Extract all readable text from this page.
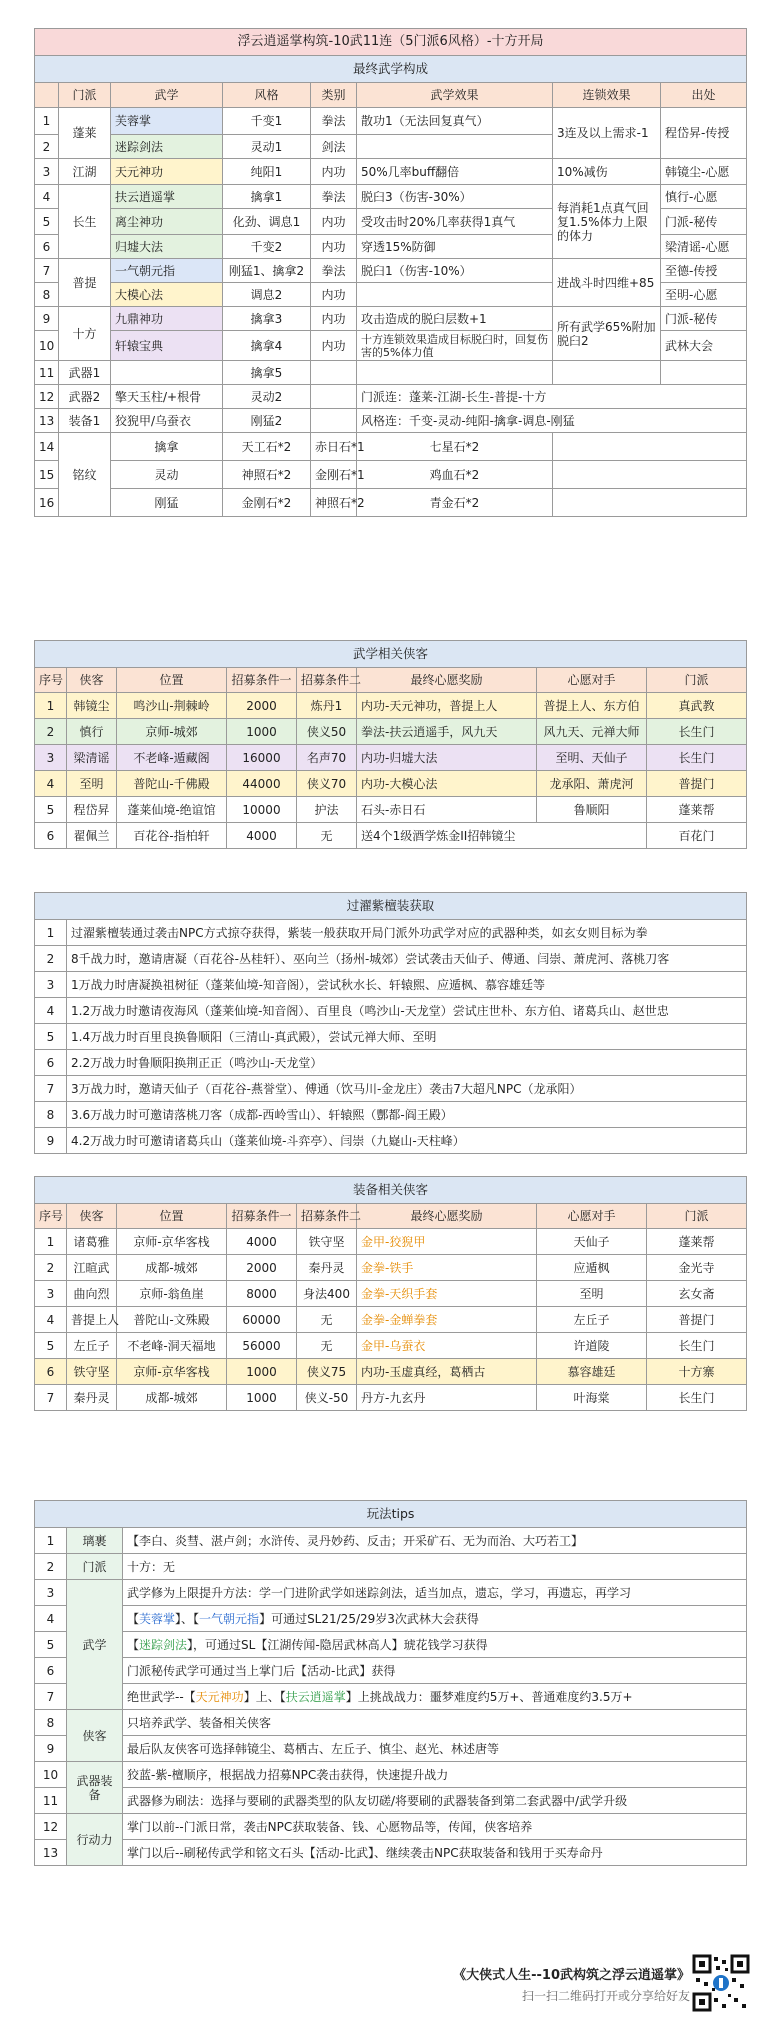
浮云逍遥掌构筑-10武11连（5门派6风格）-十方开局							
最终武学构成							
	门派	武学	风格	类别	武学效果	连锁效果	出处
1	蓬莱	芙蓉掌	千变1	拳法	散功1（无法回复真气）	3连及以上需求-1	程岱昇-传授
2		迷踪剑法	灵动1	剑法			
3	江湖	天元神功	纯阳1	内功	50%几率buff翻倍	10%减伤	韩镜尘-心愿
4	长生	扶云逍遥掌	擒拿1	拳法	脱臼3（伤害-30%）	每消耗1点真气回复1.5%体力上限的体力	慎行-心愿
5		离尘神功	化劲、调息1	内功	受攻击时20%几率获得1真气		门派-秘传
6		归墟大法	千变2	内功	穿透15%防御		梁清谣-心愿
7	普提	一气朝元指	刚猛1、擒拿2	拳法	脱臼1（伤害-10%）	进战斗时四维+85	至德-传授
8		大模心法	调息2	内功			至明-心愿
9	十方	九鼎神功	擒拿3	内功	攻击造成的脱臼层数+1	所有武学65%附加脱臼2	门派-秘传
10		轩辕宝典	擒拿4	内功	十方连锁效果造成目标脱臼时，回复伤害的5%体力值		武林大会
11	武器1		擒拿5				
12	武器2	擎天玉柱/+根骨	灵动2		门派连：蓬莱-江湖-长生-普提-十方		
13	装备1	狡猊甲/乌蚕衣	刚猛2		风格连：千变-灵动-纯阳-擒拿-调息-刚猛		
14	铭纹	擒拿	天工石*2	赤日石*1	七星石*2		
15		灵动	神照石*2	金刚石*1	鸡血石*2		
16		刚猛	金刚石*2	神照石*2	青金石*2		
武学相关侠客							
序号	侠客	位置	招募条件一	招募条件二	最终心愿奖励	心愿对手	门派
1	韩镜尘	鸣沙山-荆棘岭	2000	炼丹1	内功-天元神功，普提上人	普提上人、东方伯	真武教
2	慎行	京师-城郊	1000	侠义50	拳法-扶云逍遥手，风九天	风九天、元禅大师	长生门
3	梁清谣	不老峰-遁藏阁	16000	名声70	内功-归墟大法	至明、天仙子	长生门
4	至明	普陀山-千佛殿	44000	侠义70	内功-大模心法	龙承阳、萧虎河	普提门
5	程岱昇	蓬莱仙境-绝谊馆	10000	护法	石头-赤日石	鲁顺阳	蓬莱帮
6	翟佩兰	百花谷-指柏轩	4000	无	送4个1级酒学炼金II招韩镜尘		百花门
过濯紫檀装获取	
1	过濯紫檀装通过袭击NPC方式掠夺获得，紫装一般获取开局门派外功武学对应的武器种类，如玄女则目标为拳
2	8千战力时，邀请唐凝（百花谷-丛桂轩）、巫向兰（扬州-城郊）尝试袭击天仙子、傅通、闫崇、萧虎河、落桃刀客
3	1万战力时唐凝换祖树征（蓬莱仙境-知音阁），尝试秋水长、轩辕熙、应遁枫、慕容雄廷等
4	1.2万战力时邀请夜海风（蓬莱仙境-知音阁）、百里良（鸣沙山-天龙堂）尝试庄世朴、东方伯、诸葛兵山、赵世忠
5	1.4万战力时百里良换鲁顺阳（三清山-真武殿），尝试元禅大师、至明
6	2.2万战力时鲁顺阳换荆正正（鸣沙山-天龙堂）
7	3万战力时，邀请天仙子（百花谷-燕誉堂）、傅通（饮马川-金龙庄）袭击7大超凡NPC（龙承阳）
8	3.6万战力时可邀请落桃刀客（成都-西岭雪山）、轩辕熙（酆都-阎王殿）
9	4.2万战力时可邀请诸葛兵山（蓬莱仙境-斗弈亭）、闫崇（九嶷山-天柱峰）
装备相关侠客							
序号	侠客	位置	招募条件一	招募条件二	最终心愿奖励	心愿对手	门派
1	诸葛雅	京师-京华客栈	4000	铁守坚	金甲-狡猊甲	天仙子	蓬莱帮
2	江暄武	成都-城郊	2000	秦丹灵	金拳-铁手	应遁枫	金光寺
3	曲向烈	京师-翁鱼崖	8000	身法400	金拳-天织手套	至明	玄女斋
4	普提上人	普陀山-文殊殿	60000	无	金拳-金蝉拳套	左丘子	普提门
5	左丘子	不老峰-洞天福地	56000	无	金甲-乌蚕衣	许道陵	长生门
6	铁守坚	京师-京华客栈	1000	侠义75	内功-玉虚真经，葛栖古	慕容雄廷	十方寨
7	秦丹灵	成都-城郊	1000	侠义-50	丹方-九玄丹	叶海棠	长生门
玩法tips		
1	璃裹	【李白、炎彗、湛卢剑；水浒传、灵丹妙药、反击；开采矿石、无为而治、大巧若工】
2	门派	十方：无
3	武学	武学修为上限提升方法：学一门进阶武学如迷踪剑法，适当加点，遗忘，学习，再遗忘，再学习
4		【芙蓉掌】、【一气朝元指】可通过SL21/25/29岁3次武林大会获得
5		【迷踪剑法】，可通过SL【江湖传闻-隐居武林高人】琥花钱学习获得
6		门派秘传武学可通过当上掌门后【活动-比武】获得
7		绝世武学--【天元神功】上、【扶云逍遥掌】上挑战战力：噩梦难度约5万+、普通难度约3.5万+
8	侠客	只培养武学、装备相关侠客
9		最后队友侠客可选择韩镜尘、葛栖古、左丘子、慎尘、赵光、林述唐等
10	武器装备	狡蓝-紫-檀顺序，根据战力招募NPC袭击获得，快速提升战力
11		武器修为刷法：选择与要刷的武器类型的队友切磋/将要刷的武器装备到第二套武器中/武学升级
12	行动力	掌门以前--门派日常，袭击NPC获取装备、钱、心愿物品等，传闻，侠客培养
13		掌门以后--刷秘传武学和铭文石头【活动-比武】、继续袭击NPC获取装备和钱用于买寿命丹
《大侠式人生--10武构筑之浮云逍遥掌》
扫一扫二维码打开或分享给好友
